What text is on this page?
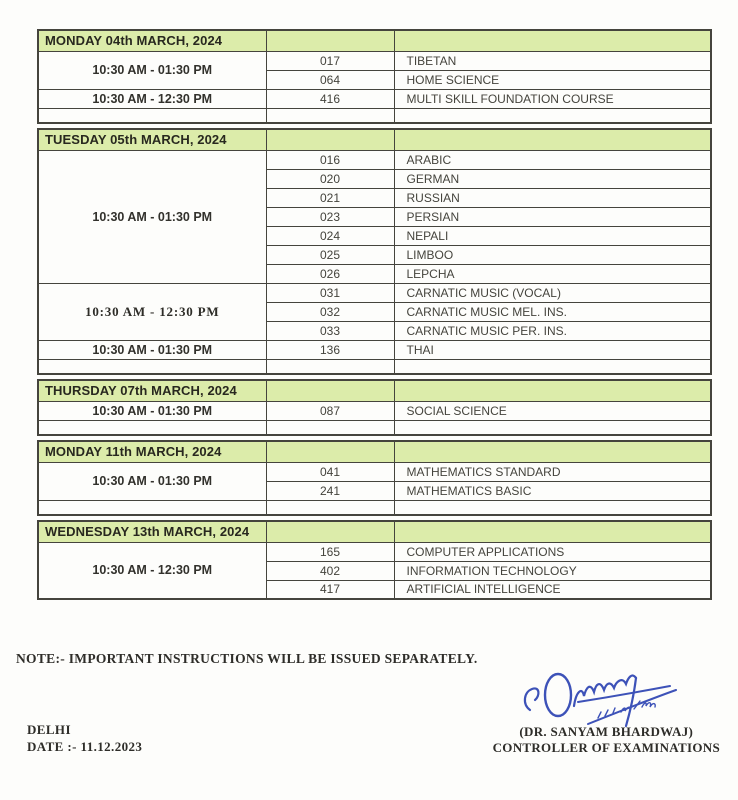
MONDAY 04th MARCH, 2024		
10:30 AM - 01:30 PM	017	TIBETAN
	064	HOME SCIENCE
10:30 AM - 12:30 PM	416	MULTI SKILL FOUNDATION COURSE

TUESDAY 05th MARCH, 2024		
10:30 AM - 01:30 PM	016	ARABIC
	020	GERMAN
	021	RUSSIAN
	023	PERSIAN
	024	NEPALI
	025	LIMBOO
	026	LEPCHA
10:30 AM - 12:30 PM	031	CARNATIC MUSIC (VOCAL)
	032	CARNATIC MUSIC MEL. INS.
	033	CARNATIC MUSIC PER. INS.
10:30 AM - 01:30 PM	136	THAI

THURSDAY 07th MARCH, 2024		
10:30 AM - 01:30 PM	087	SOCIAL SCIENCE

MONDAY 11th MARCH, 2024		
10:30 AM - 01:30 PM	041	MATHEMATICS STANDARD
	241	MATHEMATICS BASIC

WEDNESDAY 13th MARCH, 2024		
10:30 AM - 12:30 PM	165	COMPUTER APPLICATIONS
	402	INFORMATION TECHNOLOGY
	417	ARTIFICIAL INTELLIGENCE
NOTE:- IMPORTANT INSTRUCTIONS WILL BE ISSUED SEPARATELY.
DELHI
DATE :- 11.12.2023
(DR. SANYAM BHARDWAJ)
CONTROLLER OF EXAMINATIONS
